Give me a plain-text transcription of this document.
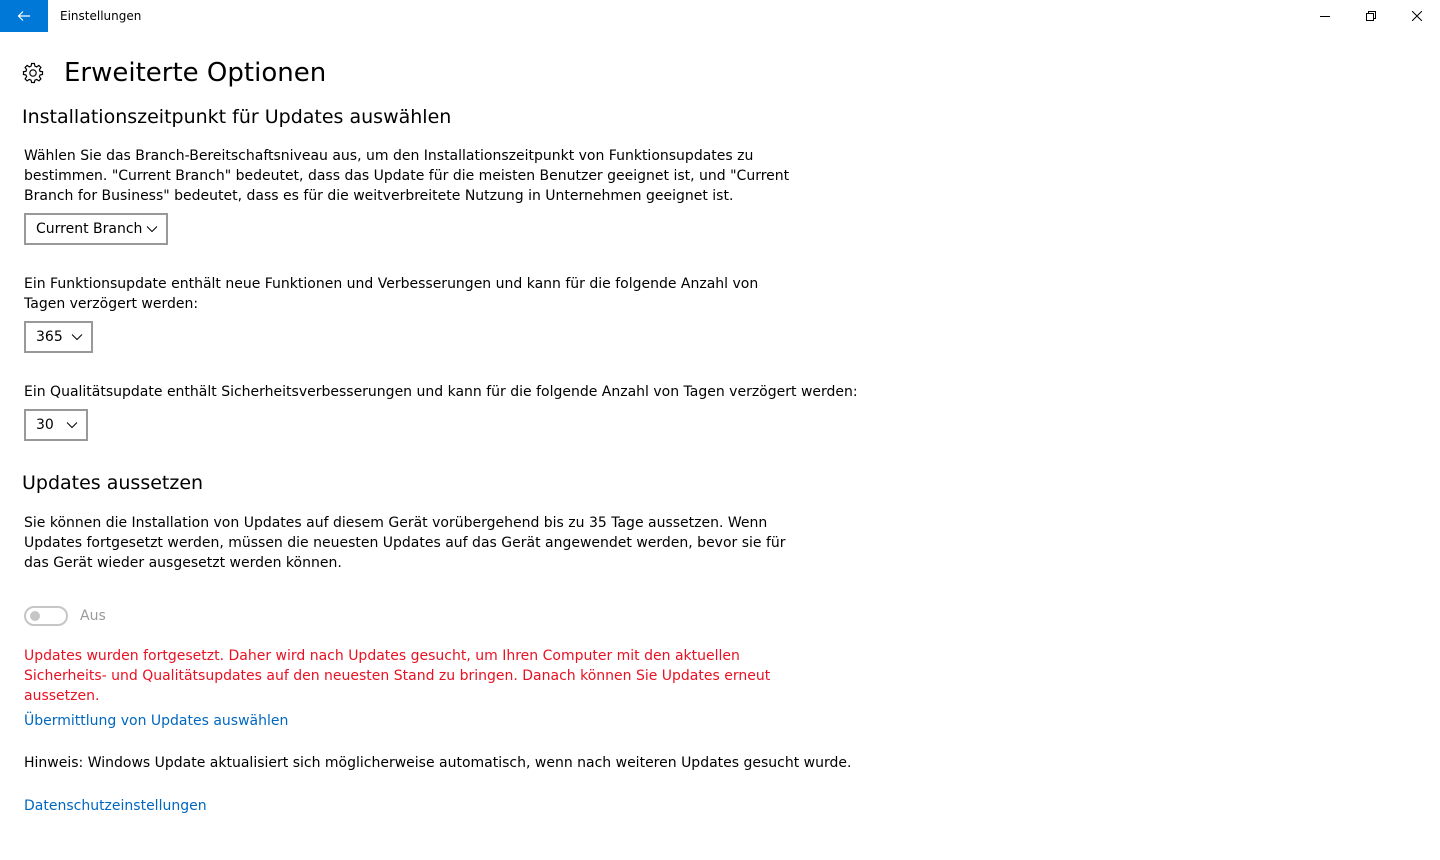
Einstellungen
Erweiterte Optionen
Installationszeitpunkt für Updates auswählen
Wählen Sie das Branch-Bereitschaftsniveau aus, um den Installationszeitpunkt von Funktionsupdates zu bestimmen. "Current Branch" bedeutet, dass das Update für die meisten Benutzer geeignet ist, und "Current Branch for Business" bedeutet, dass es für die weitverbreitete Nutzung in Unternehmen geeignet ist.
Current Branch
Ein Funktionsupdate enthält neue Funktionen und Verbesserungen und kann für die folgende Anzahl von Tagen verzögert werden:
365
Ein Qualitätsupdate enthält Sicherheitsverbesserungen und kann für die folgende Anzahl von Tagen verzögert werden:
30
Updates aussetzen
Sie können die Installation von Updates auf diesem Gerät vorübergehend bis zu 35 Tage aussetzen. Wenn Updates fortgesetzt werden, müssen die neuesten Updates auf das Gerät angewendet werden, bevor sie für das Gerät wieder ausgesetzt werden können.
Aus
Updates wurden fortgesetzt. Daher wird nach Updates gesucht, um Ihren Computer mit den aktuellen Sicherheits- und Qualitätsupdates auf den neuesten Stand zu bringen. Danach können Sie Updates erneut aussetzen.
Übermittlung von Updates auswählen
Hinweis: Windows Update aktualisiert sich möglicherweise automatisch, wenn nach weiteren Updates gesucht wurde.
Datenschutzeinstellungen
